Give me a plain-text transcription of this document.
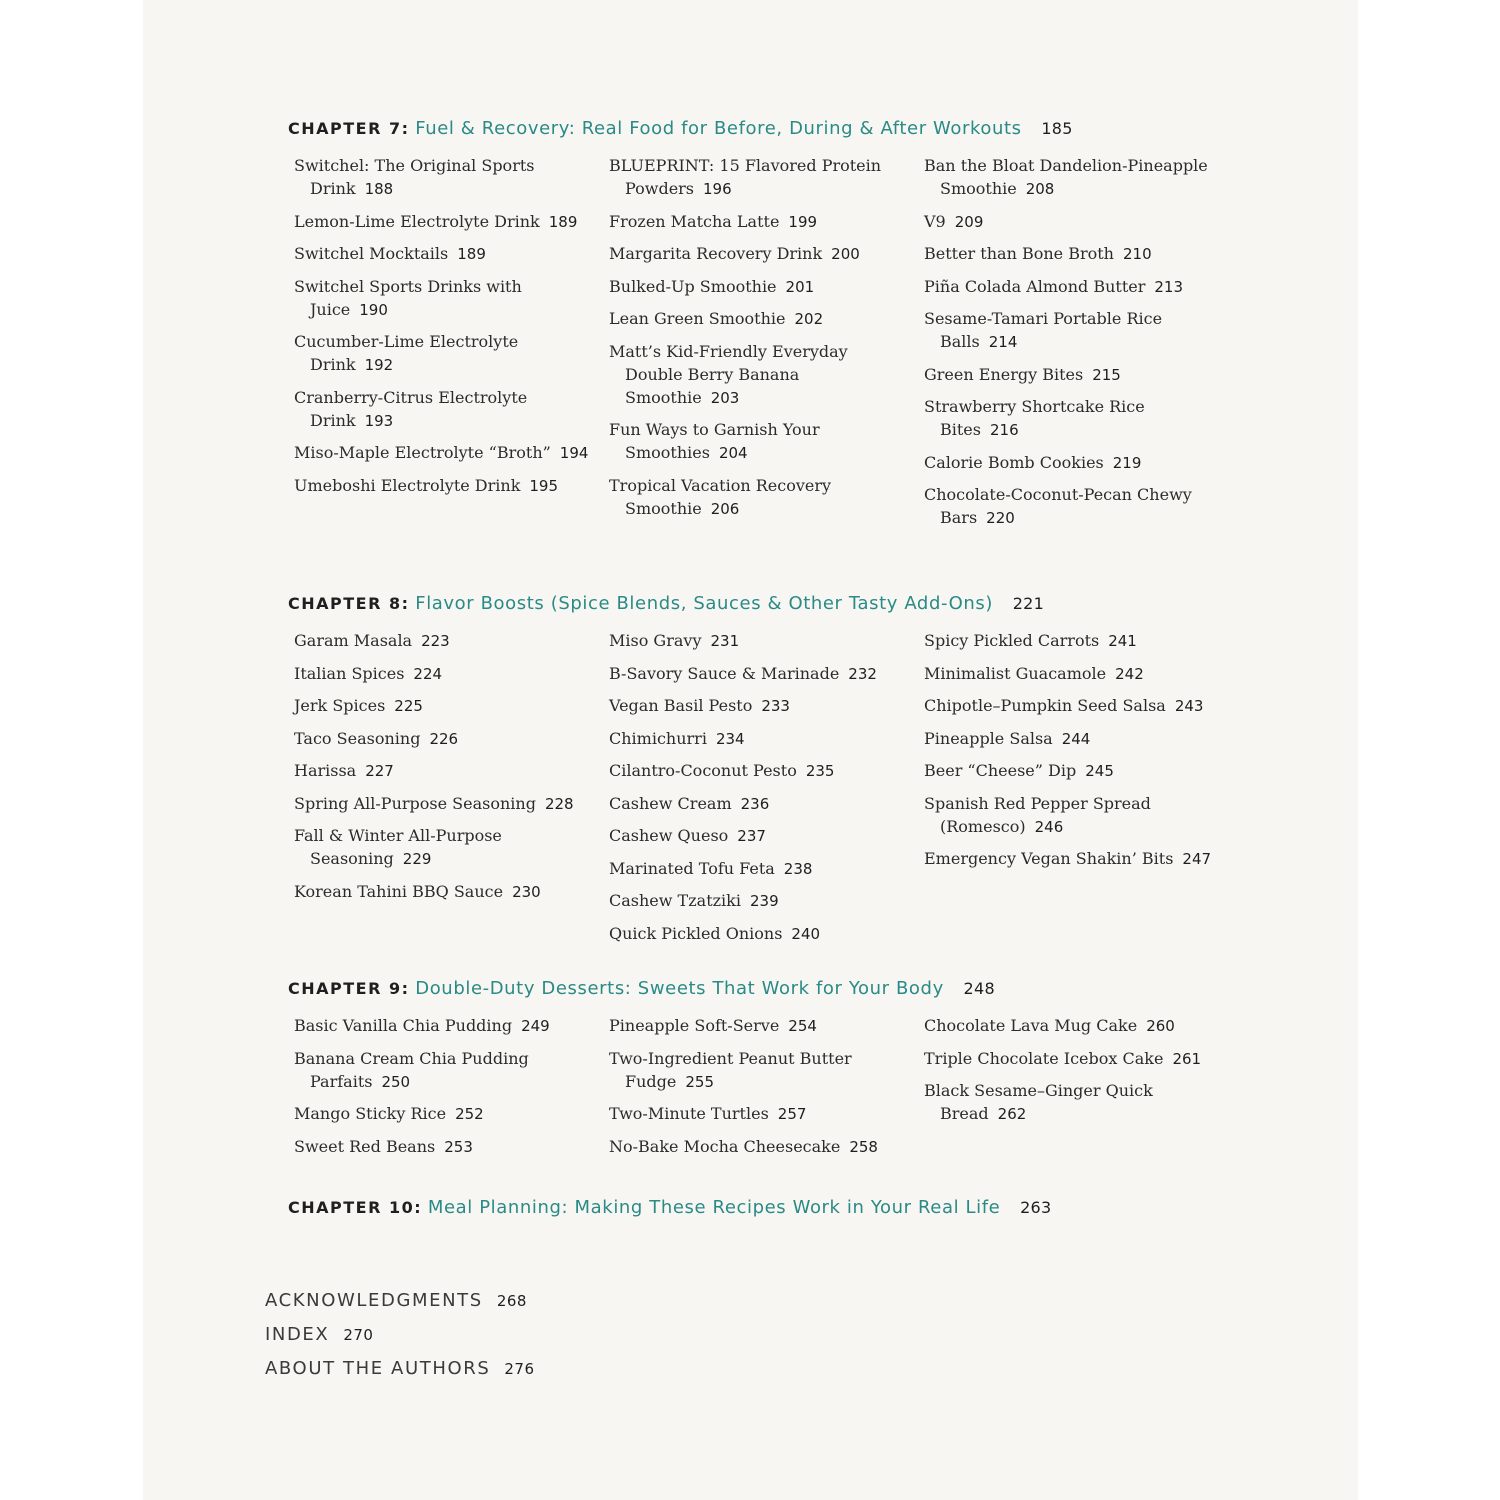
CHAPTER 7: Fuel & Recovery: Real Food for Before, During & After Workouts 185
Switchel: The Original Sports Drink 188
Lemon-Lime Electrolyte Drink 189
Switchel Mocktails 189
Switchel Sports Drinks with Juice 190
Cucumber-Lime Electrolyte Drink 192
Cranberry-Citrus Electrolyte Drink 193
Miso-Maple Electrolyte “Broth” 194
Umeboshi Electrolyte Drink 195
BLUEPRINT: 15 Flavored Protein Powders 196
Frozen Matcha Latte 199
Margarita Recovery Drink 200
Bulked-Up Smoothie 201
Lean Green Smoothie 202
Matt’s Kid-Friendly Everyday Double Berry Banana Smoothie 203
Fun Ways to Garnish Your Smoothies 204
Tropical Vacation Recovery Smoothie 206
Ban the Bloat Dandelion-Pineapple Smoothie 208
V9 209
Better than Bone Broth 210
Piña Colada Almond Butter 213
Sesame-Tamari Portable Rice Balls 214
Green Energy Bites 215
Strawberry Shortcake Rice Bites 216
Calorie Bomb Cookies 219
Chocolate-Coconut-Pecan Chewy Bars 220
CHAPTER 8: Flavor Boosts (Spice Blends, Sauces & Other Tasty Add-Ons) 221
Garam Masala 223
Italian Spices 224
Jerk Spices 225
Taco Seasoning 226
Harissa 227
Spring All-Purpose Seasoning 228
Fall & Winter All-Purpose Seasoning 229
Korean Tahini BBQ Sauce 230
Miso Gravy 231
B-Savory Sauce & Marinade 232
Vegan Basil Pesto 233
Chimichurri 234
Cilantro-Coconut Pesto 235
Cashew Cream 236
Cashew Queso 237
Marinated Tofu Feta 238
Cashew Tzatziki 239
Quick Pickled Onions 240
Spicy Pickled Carrots 241
Minimalist Guacamole 242
Chipotle–Pumpkin Seed Salsa 243
Pineapple Salsa 244
Beer “Cheese” Dip 245
Spanish Red Pepper Spread (Romesco) 246
Emergency Vegan Shakin’ Bits 247
CHAPTER 9: Double-Duty Desserts: Sweets That Work for Your Body 248
Basic Vanilla Chia Pudding 249
Banana Cream Chia Pudding Parfaits 250
Mango Sticky Rice 252
Sweet Red Beans 253
Pineapple Soft-Serve 254
Two-Ingredient Peanut Butter Fudge 255
Two-Minute Turtles 257
No-Bake Mocha Cheesecake 258
Chocolate Lava Mug Cake 260
Triple Chocolate Icebox Cake 261
Black Sesame–Ginger Quick Bread 262
CHAPTER 10: Meal Planning: Making These Recipes Work in Your Real Life 263
ACKNOWLEDGMENTS 268
INDEX 270
ABOUT THE AUTHORS 276
